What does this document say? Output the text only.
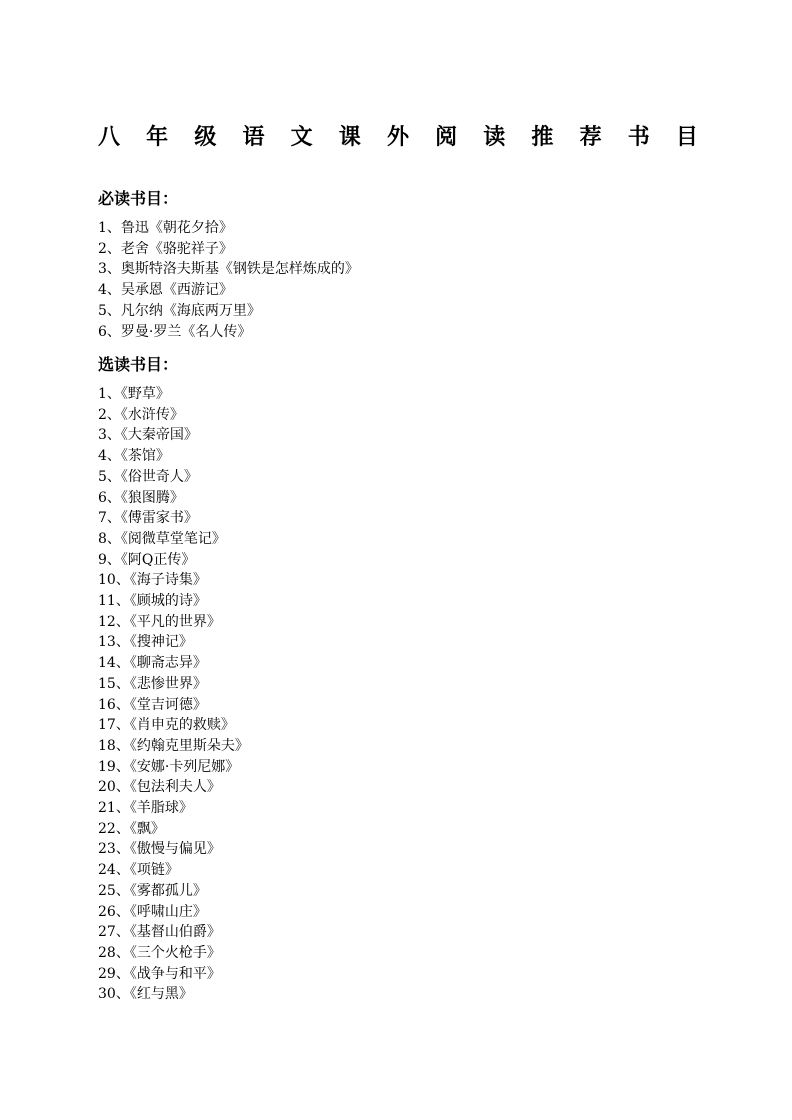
八 年 级 语 文 课 外 阅 读 推 荐 书 目
必读书目：
1、鲁迅《朝花夕拾》
2、老舍《骆驼祥子》
3、奥斯特洛夫斯基《钢铁是怎样炼成的》
4、吴承恩《西游记》
5、凡尔纳《海底两万里》
6、罗曼·罗兰《名人传》
选读书目：
1、《野草》
2、《水浒传》
3、《大秦帝国》
4、《茶馆》
5、《俗世奇人》
6、《狼图腾》
7、《傅雷家书》
8、《阅微草堂笔记》
9、《阿Q正传》
10、《海子诗集》
11、《顾城的诗》
12、《平凡的世界》
13、《搜神记》
14、《聊斋志异》
15、《悲惨世界》
16、《堂吉诃德》
17、《肖申克的救赎》
18、《约翰克里斯朵夫》
19、《安娜·卡列尼娜》
20、《包法利夫人》
21、《羊脂球》
22、《飘》
23、《傲慢与偏见》
24、《项链》
25、《雾都孤儿》
26、《呼啸山庄》
27、《基督山伯爵》
28、《三个火枪手》
29、《战争与和平》
30、《红与黑》
